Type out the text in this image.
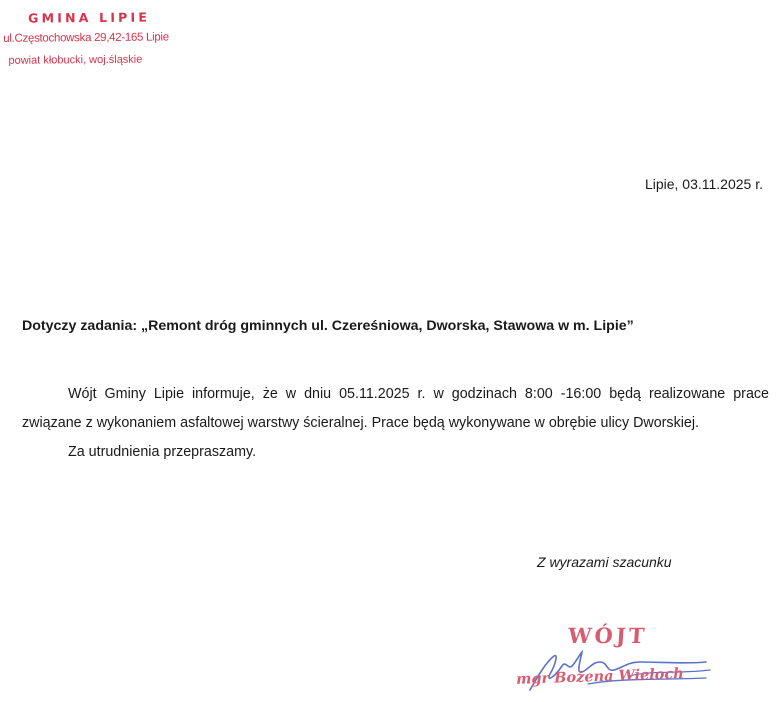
GMINA LIPIE
ul.Częstochowska 29,42-165 Lipie
powiat kłobucki, woj.śląskie
Lipie, 03.11.2025 r.
Dotyczy zadania: „Remont dróg gminnych ul. Czereśniowa, Dworska, Stawowa w m. Lipie”

Wójt Gminy Lipie informuje, że w dniu 05.11.2025 r. w godzinach 8:00 -16:00 będą realizowane prace związane z wykonaniem asfaltowej warstwy ścieralnej. Prace będą wykonywane w obrębie ulicy Dworskiej.

Za utrudnienia przepraszamy.

Z wyrazami szacunku
WÓJT
mgr Bożena Wieloch
